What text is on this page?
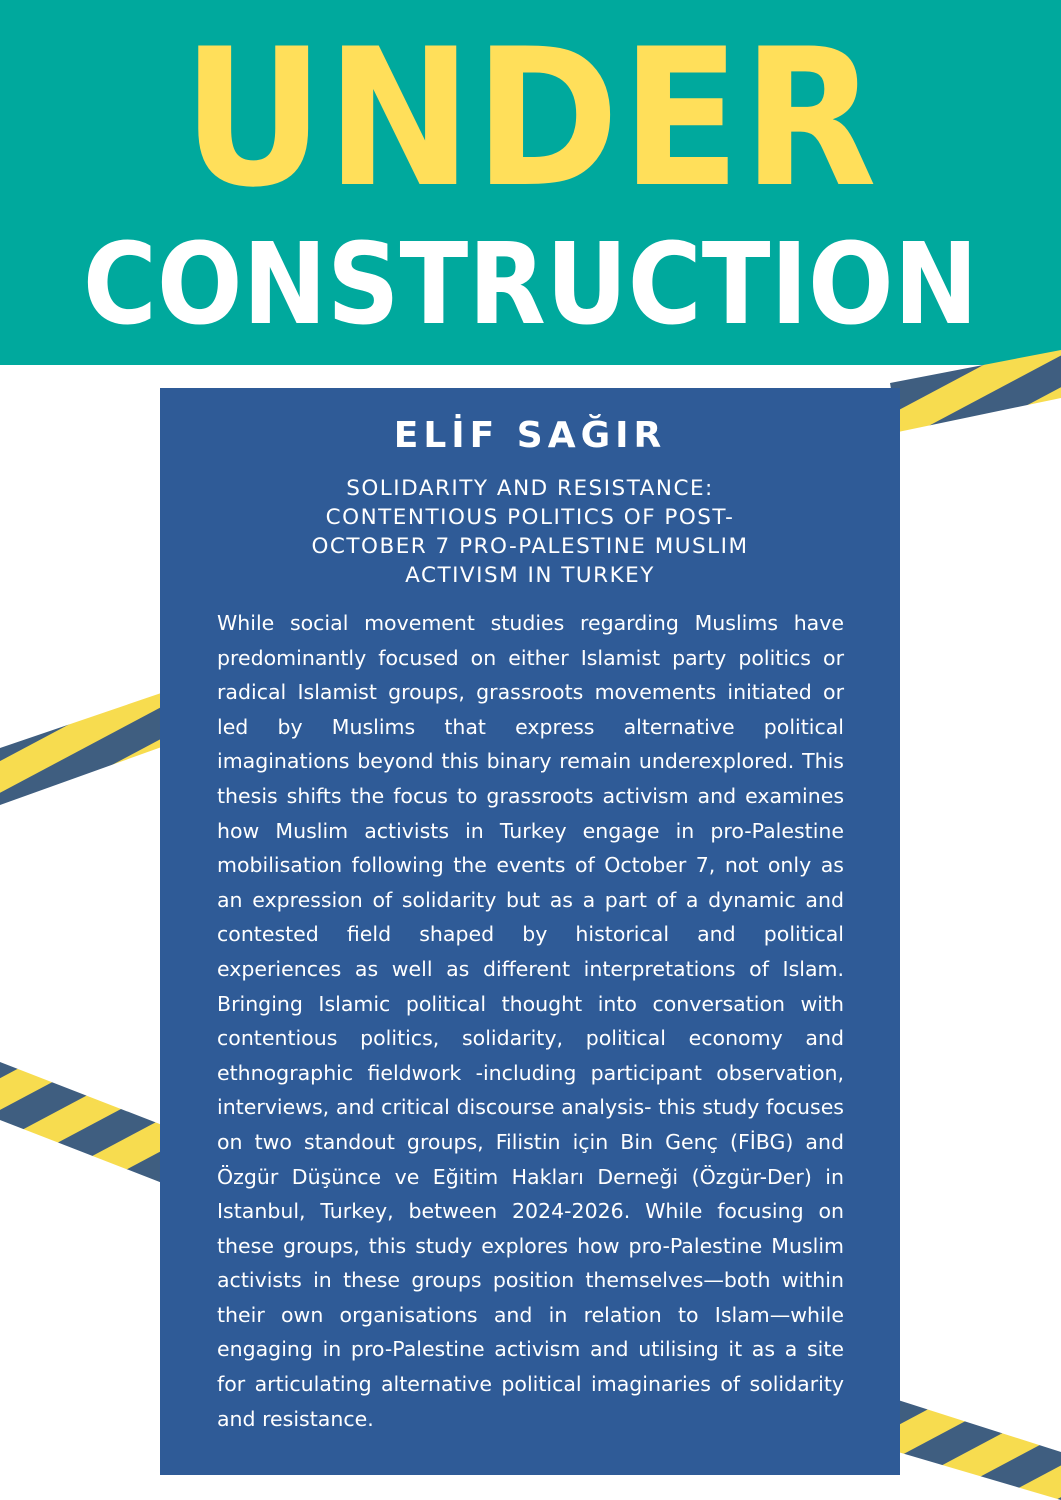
UNDER
CONSTRUCTION
ELİF SAĞIR
SOLIDARITY AND RESISTANCE: CONTENTIOUS POLITICS OF POST-OCTOBER 7 PRO-PALESTINE MUSLIM ACTIVISM IN TURKEY

While social movement studies regarding Muslims have predominantly focused on either Islamist party politics or radical Islamist groups, grassroots movements initiated or led by Muslims that express alternative political imaginations beyond this binary remain underexplored. This thesis shifts the focus to grassroots activism and examines how Muslim activists in Turkey engage in pro-Palestine mobilisation following the events of October 7, not only as an expression of solidarity but as a part of a dynamic and contested field shaped by historical and political experiences as well as different interpretations of Islam. Bringing Islamic political thought into conversation with contentious politics, solidarity, political economy and ethnographic fieldwork -including participant observation, interviews, and critical discourse analysis- this study focuses on two standout groups, Filistin için Bin Genç (FİBG) and Özgür Düşünce ve Eğitim Hakları Derneği (Özgür-Der) in Istanbul, Turkey, between 2024-2026. While focusing on these groups, this study explores how pro-Palestine Muslim activists in these groups position themselves—both within their own organisations and in relation to Islam—while engaging in pro-Palestine activism and utilising it as a site for articulating alternative political imaginaries of solidarity and resistance.
